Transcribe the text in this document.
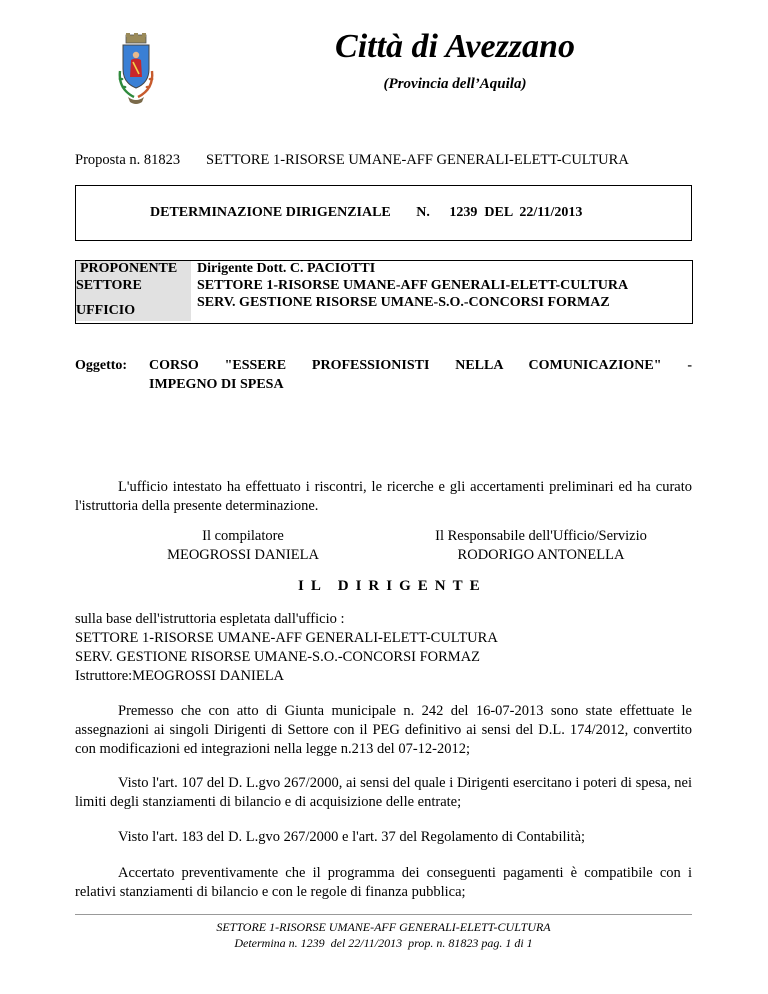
Città di Avezzano
(Provincia dell’Aquila)
Proposta n. 81823 SETTORE 1-RISORSE UMANE-AFF GENERALI-ELETT-CULTURA
DETERMINAZIONE DIRIGENZIALE N. 1239  DEL  22/11/2013
PROPONENTE
SETTORE
UFFICIO
Dirigente Dott. C. PACIOTTI
SETTORE 1-RISORSE UMANE-AFF GENERALI-ELETT-CULTURA
SERV. GESTIONE RISORSE UMANE-S.O.-CONCORSI FORMAZ
Oggetto: CORSO "ESSERE PROFESSIONISTI NELLA COMUNICAZIONE" -
IMPEGNO DI SPESA
L'ufficio intestato ha effettuato i riscontri, le ricerche e gli accertamenti preliminari ed ha curato l'istruttoria della presente determinazione.
Il compilatore
MEOGROSSI DANIELA
Il Responsabile dell'Ufficio/Servizio
RODORIGO ANTONELLA
IL DIRIGENTE
sulla base dell'istruttoria espletata dall'ufficio :
SETTORE 1-RISORSE UMANE-AFF GENERALI-ELETT-CULTURA
SERV. GESTIONE RISORSE UMANE-S.O.-CONCORSI FORMAZ
Istruttore:MEOGROSSI DANIELA
Premesso che con atto di Giunta municipale n. 242 del 16-07-2013 sono state effettuate le assegnazioni ai singoli Dirigenti di Settore con il PEG definitivo ai sensi del D.L. 174/2012, convertito con modificazioni ed integrazioni nella legge n.213 del 07-12-2012;
Visto l'art. 107 del D. L.gvo 267/2000, ai sensi del quale i Dirigenti esercitano i poteri di spesa, nei limiti degli stanziamenti di bilancio e di acquisizione delle entrate;
Visto l'art. 183 del D. L.gvo 267/2000 e l'art. 37 del Regolamento di Contabilità;
Accertato preventivamente che il programma dei conseguenti pagamenti è compatibile con i relativi stanziamenti di bilancio e con le regole di finanza pubblica;
SETTORE 1-RISORSE UMANE-AFF GENERALI-ELETT-CULTURA
Determina n. 1239  del 22/11/2013  prop. n. 81823 pag. 1 di 1
